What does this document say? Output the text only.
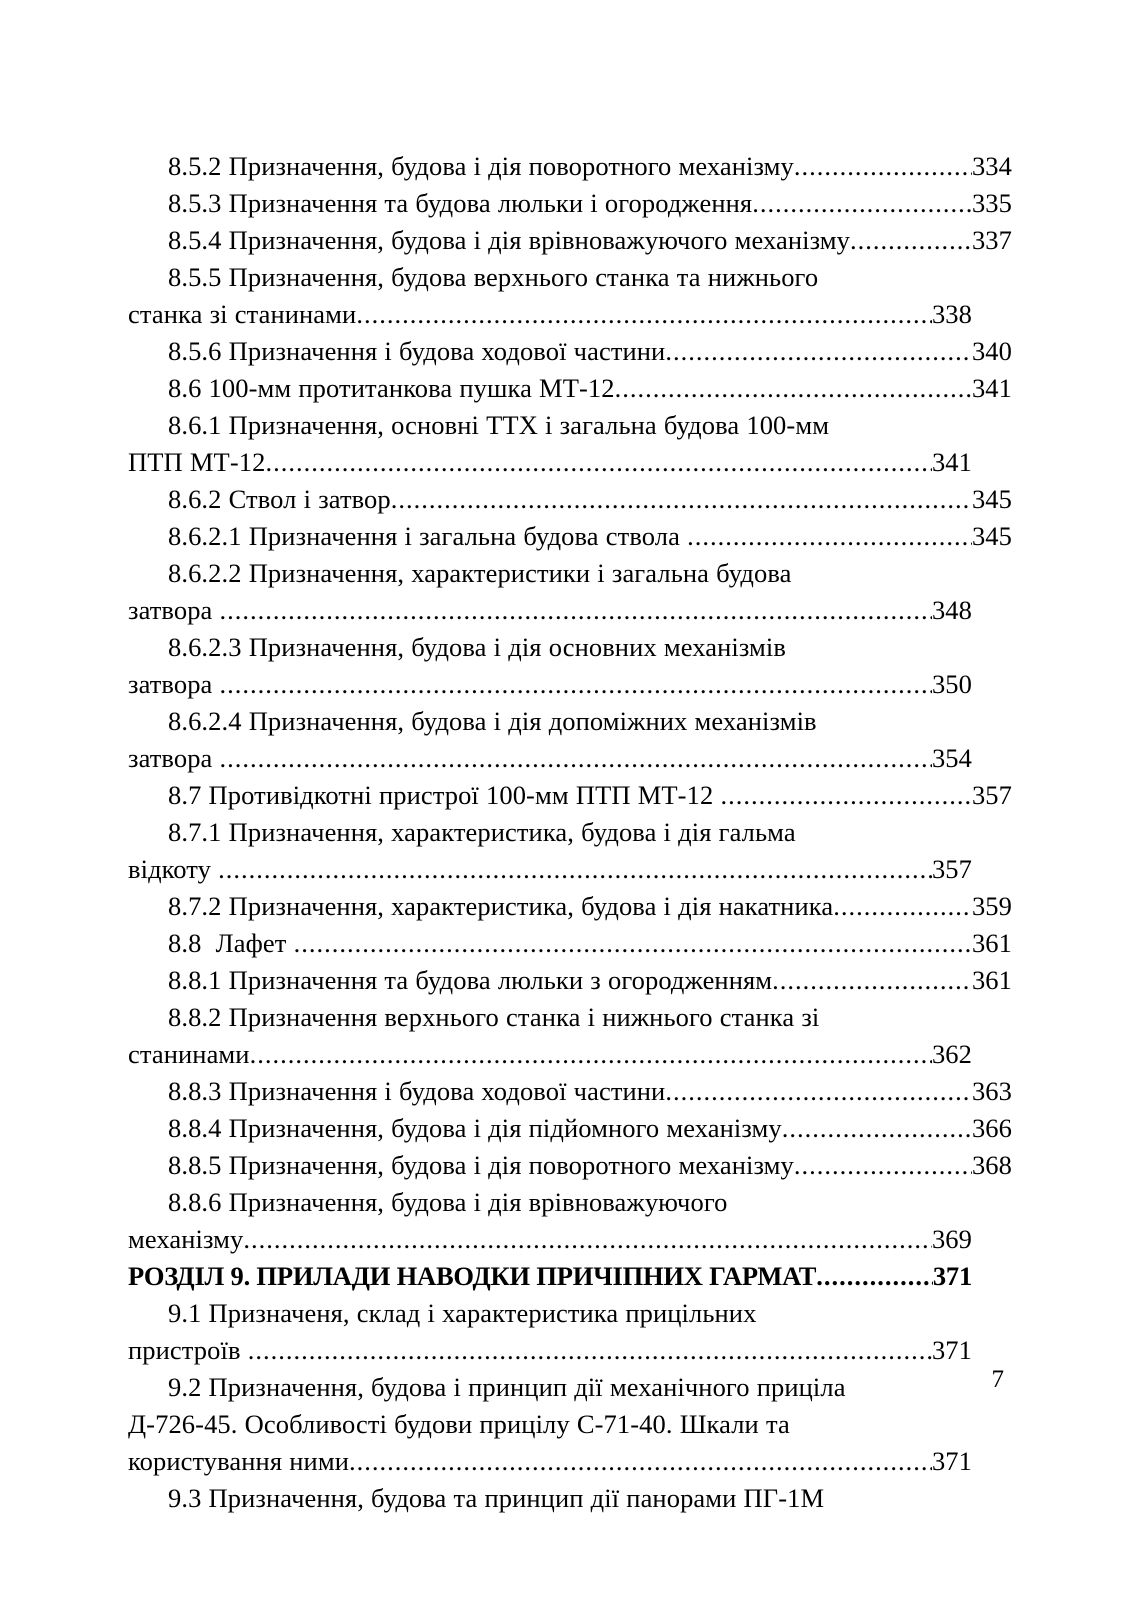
8.5.2 Призначення, будова і дія поворотного механізму .....	334
8.5.3 Призначення та будова люльки і огородження .....	335
8.5.4 Призначення, будова і дія врівноважуючого механізму .....	337
8.5.5 Призначення, будова верхнього станка та нижнього
станка зі станинами .....	338
8.5.6 Призначення і будова ходової частини .....	340
8.6 100-мм протитанкова пушка МТ-12 .....	341
8.6.1 Призначення, основні ТТХ і загальна будова 100-мм
ПТП МТ-12 .....	341
8.6.2 Ствол і затвор .....	345
8.6.2.1 Призначення і загальна будова ствола .....	345
8.6.2.2 Призначення, характеристики і загальна будова
затвора .....	348
8.6.2.3 Призначення, будова і дія основних механізмів
затвора .....	350
8.6.2.4 Призначення, будова і дія допоміжних механізмів
затвора .....	354
8.7 Противідкотні пристрої 100-мм ПТП МТ-12 .....	357
8.7.1 Призначення, характеристика, будова і дія гальма
відкоту .....	357
8.7.2 Призначення, характеристика, будова і дія накатника .....	359
8.8  Лафет .....	361
8.8.1 Призначення та будова люльки з огородженням .....	361
8.8.2 Призначення верхнього станка і нижнього станка зі
станинами .....	362
8.8.3 Призначення і будова ходової частини .....	363
8.8.4 Призначення, будова і дія підйомного механізму .....	366
8.8.5 Призначення, будова і дія поворотного механізму .....	368
8.8.6 Призначення, будова і дія врівноважуючого
механізму .....	369
РОЗДІЛ 9. ПРИЛАДИ НАВОДКИ ПРИЧІПНИХ ГАРМАТ .....	371
9.1 Призначеня, склад і характеристика прицільних
пристроїв .....	371
9.2 Призначення, будова і принцип дії механічного приціла
Д-726-45. Особливості будови прицілу С-71-40. Шкали та
користування ними .....	371
9.3 Призначення, будова та принцип дії панорами ПГ-1М
7
